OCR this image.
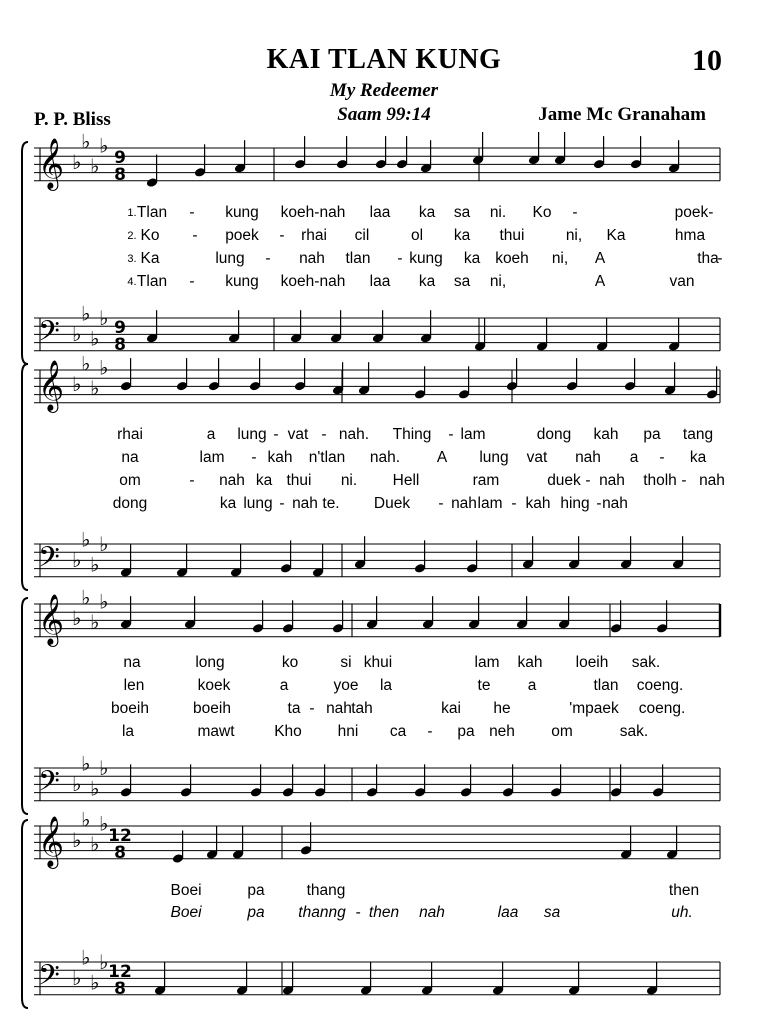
KAI TLAN KUNG	10
My Redeemer
Saam 99:14
P. P. Bliss	Jame Mc Granaham
𝄞
𝄢
♭
♭
♭
♭
♭
♭
♭
♭
9
8
9
8
1. Tlan - kung koeh-nah laa ka sa ni. Ko -	poek-
2. Ko - poek - rhai cil	ol ka thui	ni, Ka	hma
3. Ka	lung - nah tlan - kung ka koeh ni, A	tha
-
4. Tlan - kung koeh-nah laa ka sa ni,	A	van
𝄞
𝄢
♭
♭
♭
♭
♭
♭
♭
♭
rhai	a lung - vat - nah. Thing - lam	dong kah pa tang
na	lam - kah n'tlan nah. A lung vat nah a - ka
om	- nah ka thui ni. Hell	ram	duek - nah tholh - nah
dong	ka lung - nah te. Duek - nah lam - kah hing - nah
𝄞
𝄢
♭
♭
♭
♭
♭
♭
♭
♭
na	long	ko	si khui	lam kah loeih sak.
len	koek	a	yoe la	te a	tlan coeng.
boeih	boeih	ta - nah tah	kai he	'mpaek coeng.
la	mawt	Kho hni ca - pa neh om	sak.
𝄞
𝄢
♭
♭
♭
♭
♭
♭
♭
♭
12
8
12
8
Boei	pa	thang	then
Boei	pa thanng - then nah	laa sa	uh.
